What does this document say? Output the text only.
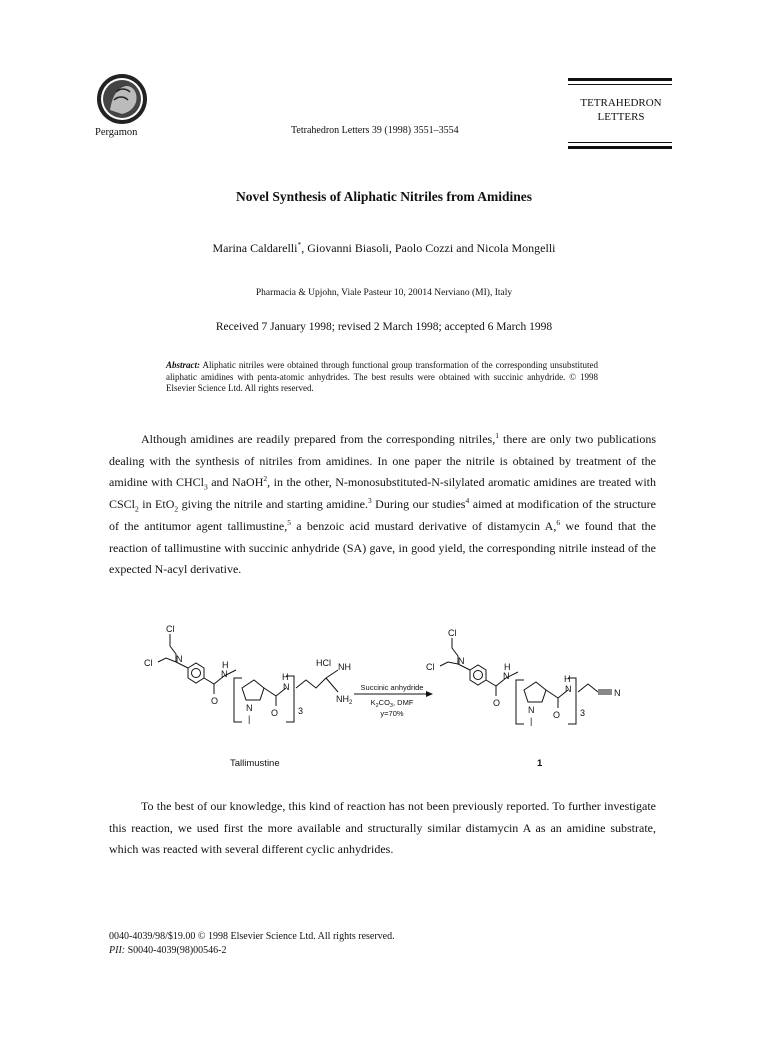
Pergamon	Tetrahedron Letters 39 (1998) 3551–3554
TETRAHEDRON
LETTERS
Novel Synthesis of Aliphatic Nitriles from Amidines
Marina Caldarelli*, Giovanni Biasoli, Paolo Cozzi and Nicola Mongelli
Pharmacia & Upjohn, Viale Pasteur 10, 20014 Nerviano (MI), Italy
Received 7 January 1998; revised 2 March 1998; accepted 6 March 1998
Abstract: Aliphatic nitriles were obtained through functional group transformation of the corresponding unsubstituted aliphatic amidines with penta-atomic anhydrides. The best results were obtained with succinic anhydride. © 1998 Elsevier Science Ltd. All rights reserved.
Although amidines are readily prepared from the corresponding nitriles,$^1$ there are only two publications dealing with the synthesis of nitriles from amidines. In one paper the nitrile is obtained by treatment of the amidine with CHCl$_3$ and NaOH$^2$, in the other, N-monosubstituted-N-silylated aromatic amidines are treated with CSCl$_2$ in EtO$_2$ giving the nitrile and starting amidine.$^3$ During our studies$^4$ aimed at modification of the structure of the antitumor agent tallimustine,$^5$ a benzoic acid mustard derivative of distamycin A,$^6$ we found that the reaction of tallimustine with succinic anhydride (SA) gave, in good yield, the corresponding nitrile instead of the expected N-acyl derivative.
Cl
Cl	N
H
N
O
N
|
O
H
N
3
HCl NH
$NH_2$
Succinic anhydride
$K_2CO_3$, DMF
y=70%
Cl
Cl
N
H
N
O
N
|
O
H
N
3
N
Tallimustine	1
To the best of our knowledge, this kind of reaction has not been previously reported. To further investigate this reaction, we used first the more available and structurally similar distamycin A as an amidine substrate, which was reacted with several different cyclic anhydrides.
0040-4039/98/$19.00 © 1998 Elsevier Science Ltd. All rights reserved.
PII: S0040-4039(98)00546-2
